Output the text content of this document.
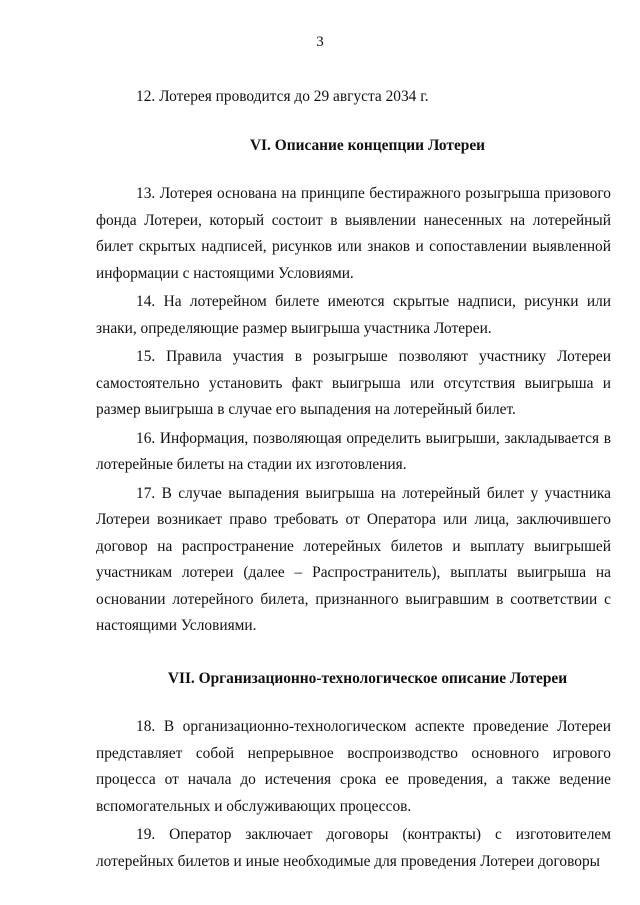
3

12. Лотерея проводится до 29 августа 2034 г.

VI. Описание концепции Лотереи

13. Лотерея основана на принципе бестиражного розыгрыша призового фонда Лотереи, который состоит в выявлении нанесенных на лотерейный билет скрытых надписей, рисунков или знаков и сопоставлении выявленной информации с настоящими Условиями.

14. На лотерейном билете имеются скрытые надписи, рисунки или знаки, определяющие размер выигрыша участника Лотереи.

15. Правила участия в розыгрыше позволяют участнику Лотереи самостоятельно установить факт выигрыша или отсутствия выигрыша и размер выигрыша в случае его выпадения на лотерейный билет.

16. Информация, позволяющая определить выигрыши, закладывается в лотерейные билеты на стадии их изготовления.

17. В случае выпадения выигрыша на лотерейный билет у участника Лотереи возникает право требовать от Оператора или лица, заключившего договор на распространение лотерейных билетов и выплату выигрышей участникам лотереи (далее – Распространитель), выплаты выигрыша на основании лотерейного билета, признанного выигравшим в соответствии с настоящими Условиями.

VII. Организационно-технологическое описание Лотереи

18. В организационно-технологическом аспекте проведение Лотереи представляет собой непрерывное воспроизводство основного игрового процесса от начала до истечения срока ее проведения, а также ведение вспомогательных и обслуживающих процессов.

19. Оператор заключает договоры (контракты) с изготовителем лотерейных билетов и иные необходимые для проведения Лотереи договоры
